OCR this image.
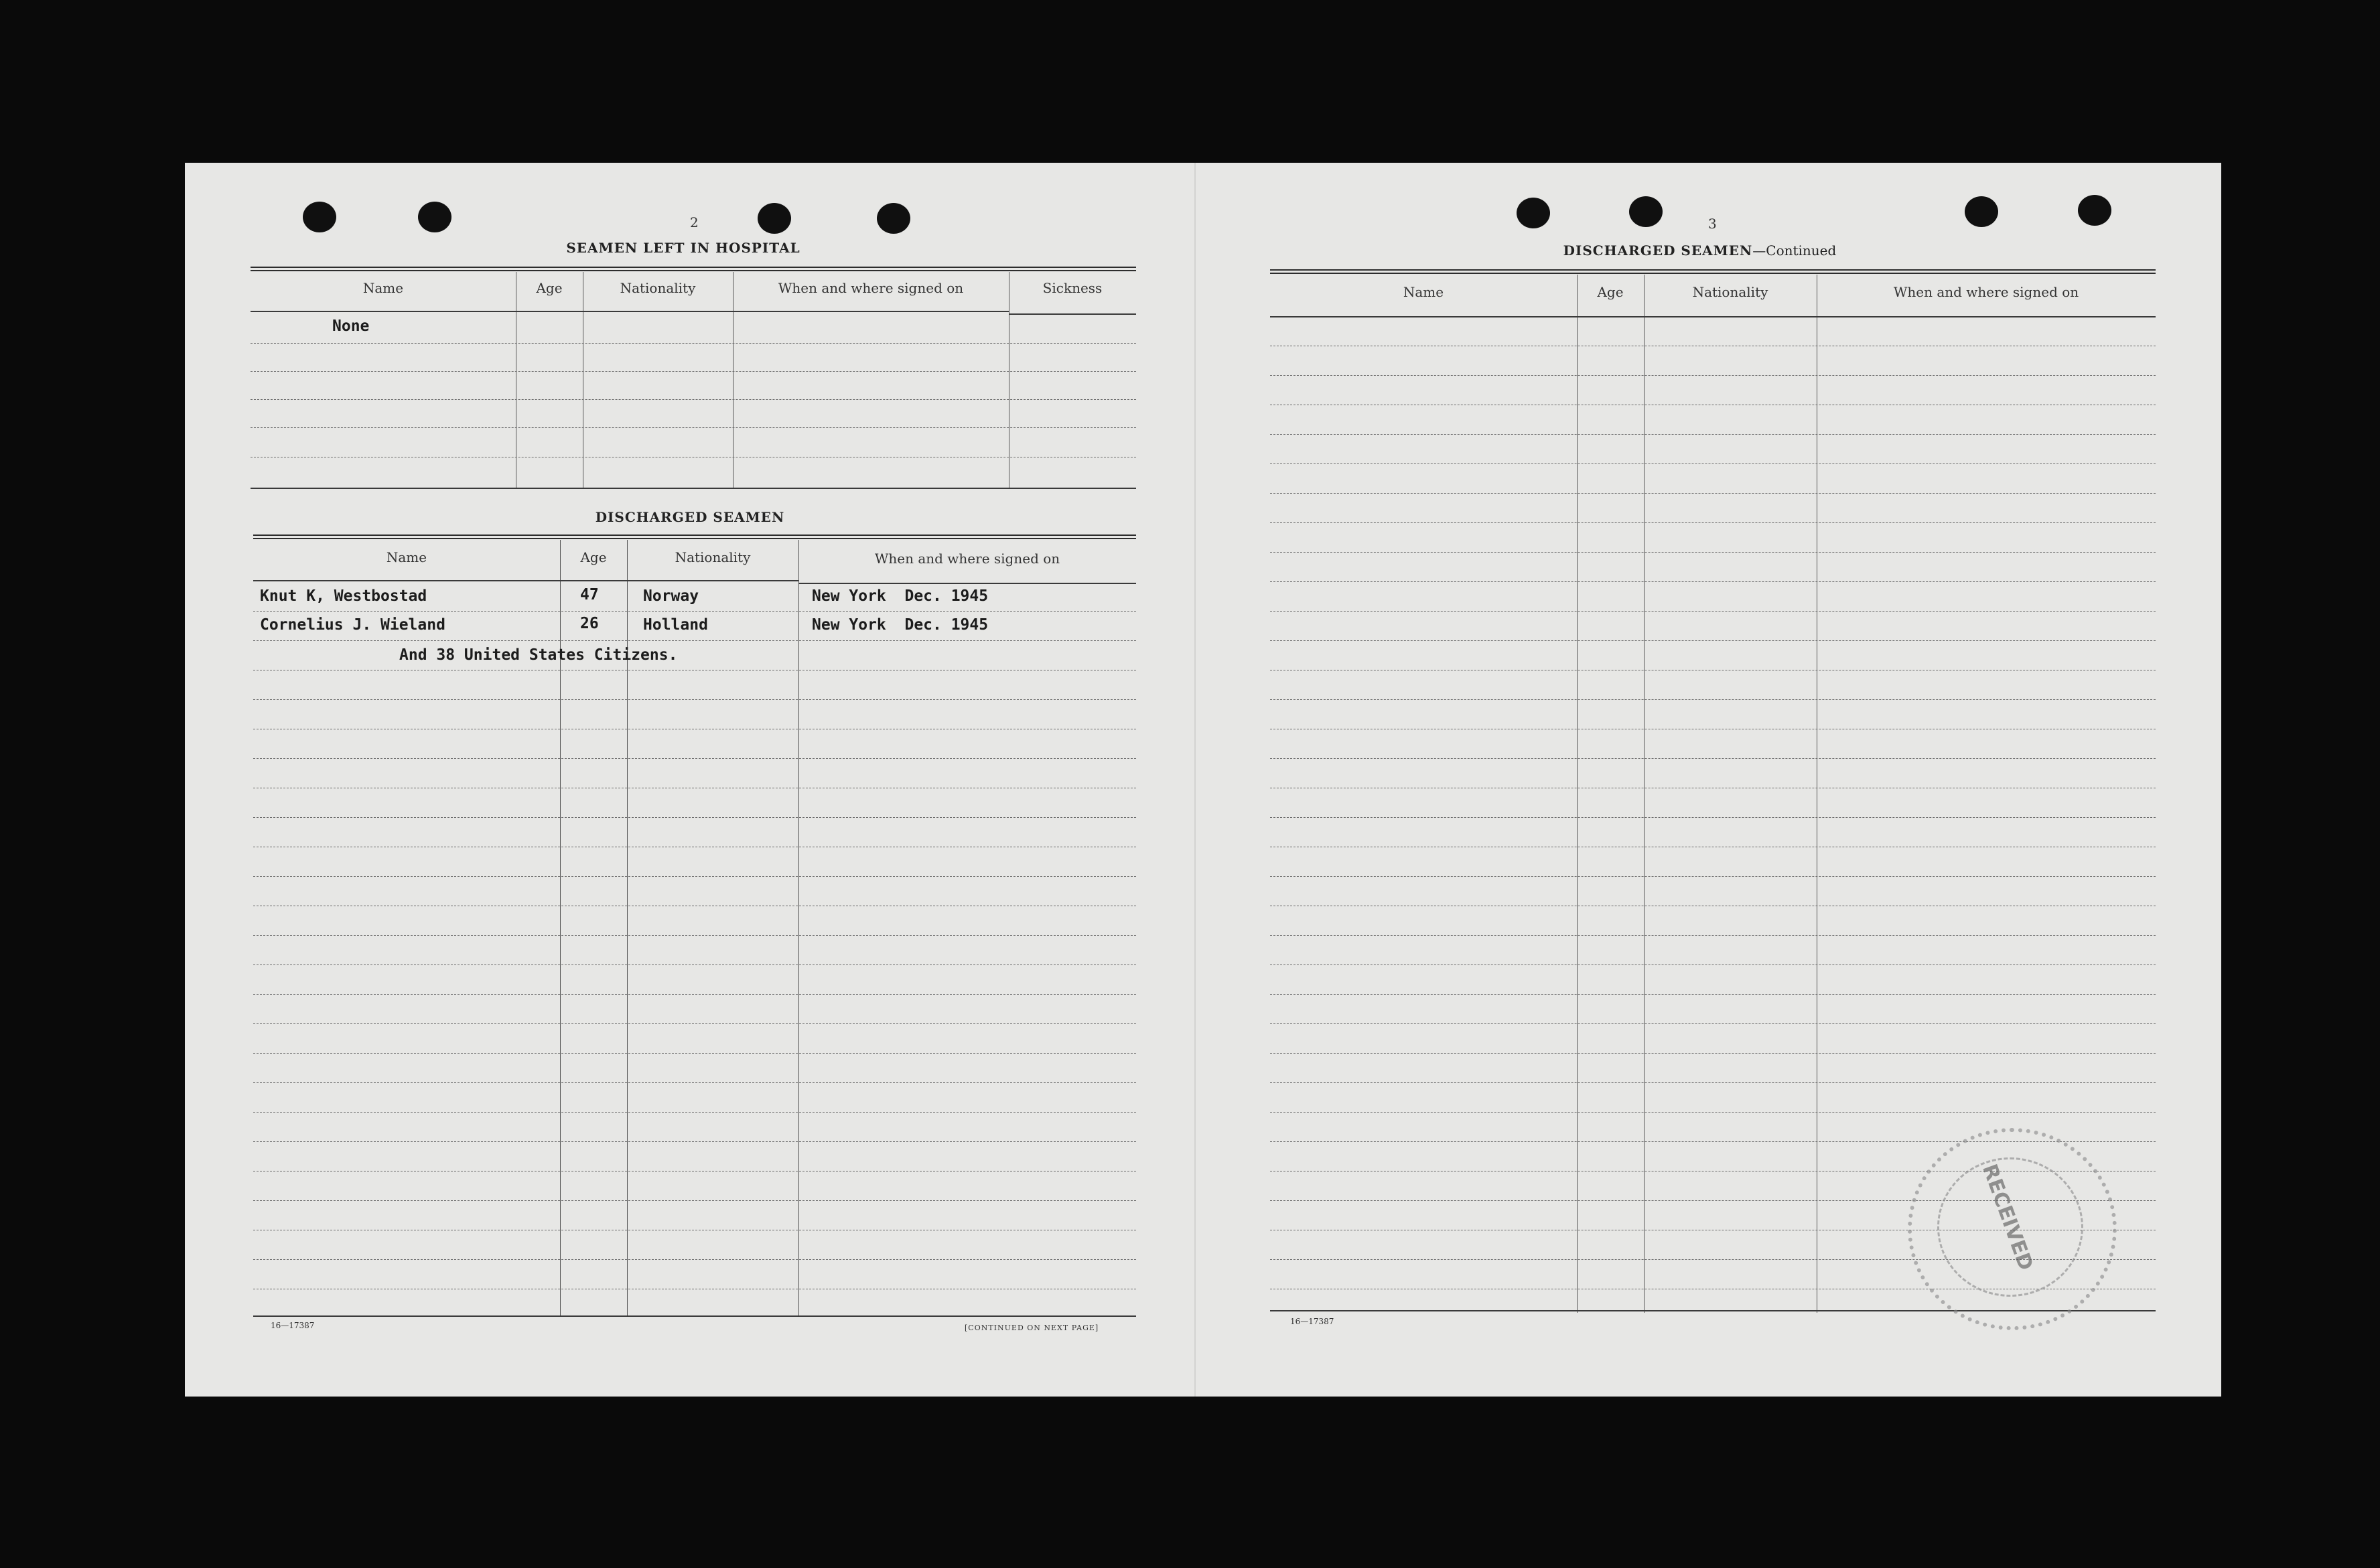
2
SEAMEN LEFT IN HOSPITAL
Name	Age	Nationality	When and where signed on	Sickness
None
DISCHARGED SEAMEN
Name	Age	Nationality	When and where signed on
Knut K, Westbostad	47	Norway	New York  Dec. 1945
Cornelius J. Wieland	26	Holland	New York  Dec. 1945
And 38 United States Citizens.
16—17387	[CONTINUED ON NEXT PAGE]
3
DISCHARGED SEAMEN—Continued
Name	Age	Nationality	When and where signed on
16—17387
RECEIVED
